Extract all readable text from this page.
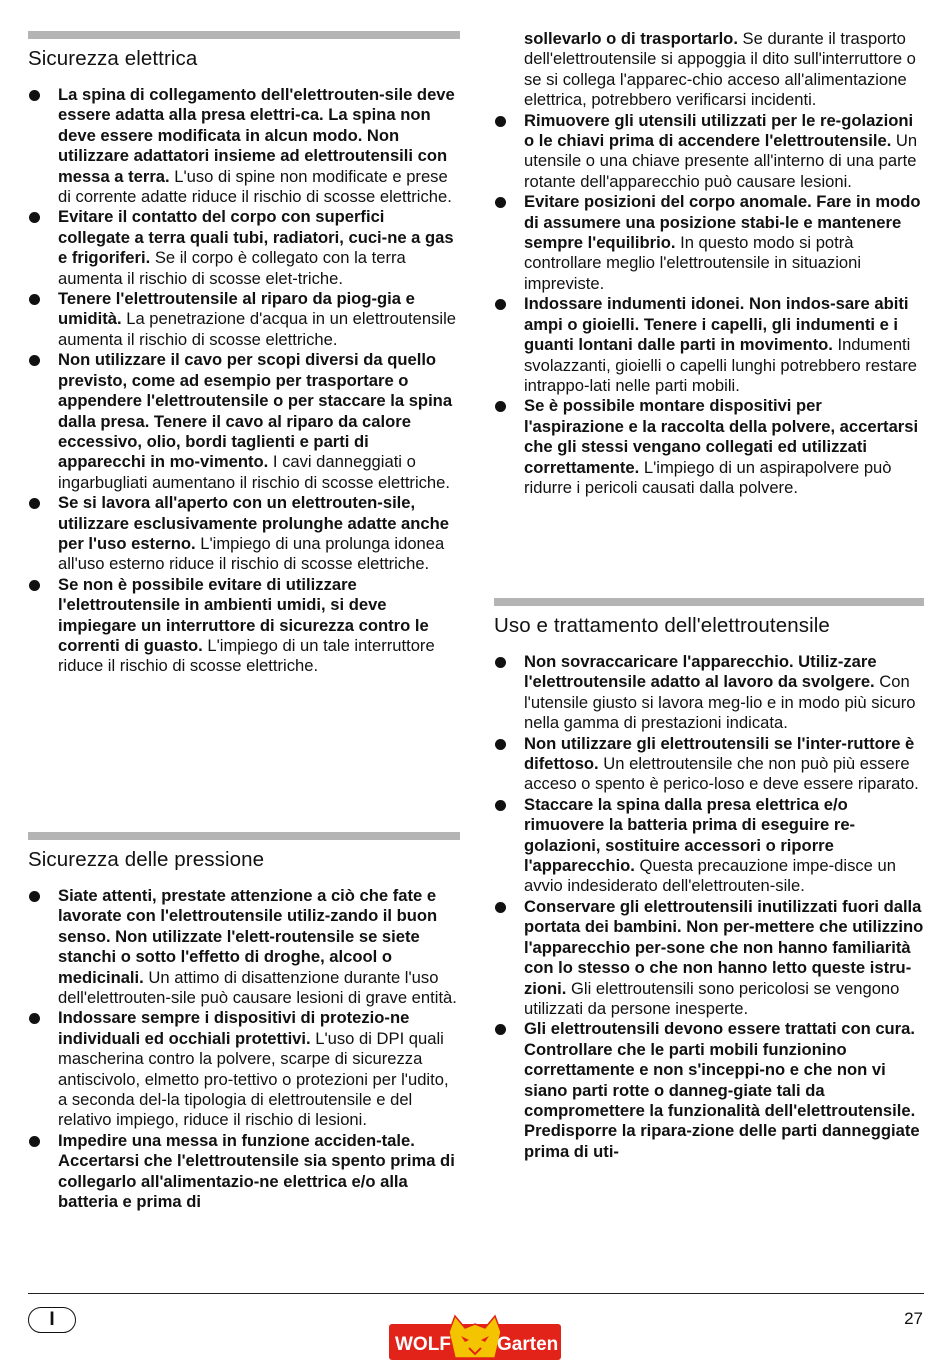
Sicurezza elettrica
La spina di collegamento dell'elettrouten-sile deve essere adatta alla presa elettri-ca. La spina non deve essere modificata in alcun modo. Non utilizzare adattatori insieme ad elettroutensili con messa a terra. L'uso di spine non modificate e prese di corrente adatte riduce il rischio di scosse elettriche.
Evitare il contatto del corpo con superfici collegate a terra quali tubi, radiatori, cuci-ne a gas e frigoriferi. Se il corpo è collegato con la terra aumenta il rischio di scosse elet-triche.
Tenere l'elettroutensile al riparo da piog-gia e umidità. La penetrazione d'acqua in un elettroutensile aumenta il rischio di scosse elettriche.
Non utilizzare il cavo per scopi diversi da quello previsto, come ad esempio per trasportare o appendere l'elettroutensile o per staccare la spina dalla presa. Tenere il cavo al riparo da calore eccessivo, olio, bordi taglienti e parti di apparecchi in mo-vimento. I cavi danneggiati o ingarbugliati aumentano il rischio di scosse elettriche.
Se si lavora all'aperto con un elettrouten-sile, utilizzare esclusivamente prolunghe adatte anche per l'uso esterno. L'impiego di una prolunga idonea all'uso esterno riduce il rischio di scosse elettriche.
Se non è possibile evitare di utilizzare l'elettroutensile in ambienti umidi, si deve impiegare un interruttore di sicurezza contro le correnti di guasto. L'impiego di un tale interruttore riduce il rischio di scosse elettriche.
Sicurezza delle pressione
Siate attenti, prestate attenzione a ciò che fate e lavorate con l'elettroutensile utiliz-zando il buon senso. Non utilizzate l'elett-routensile se siete stanchi o sotto l'effetto di droghe, alcool o medicinali. Un attimo di disattenzione durante l'uso dell'elettrouten-sile può causare lesioni di grave entità.
Indossare sempre i dispositivi di protezio-ne individuali ed occhiali protettivi. L'uso di DPI quali mascherina contro la polvere, scarpe di sicurezza antiscivolo, elmetto pro-tettivo o protezioni per l'udito, a seconda del-la tipologia di elettroutensile e del relativo impiego, riduce il rischio di lesioni.
Impedire una messa in funzione acciden-tale. Accertarsi che l'elettroutensile sia spento prima di collegarlo all'alimentazio-ne elettrica e/o alla batteria e prima di
sollevarlo o di trasportarlo. Se durante il trasporto dell'elettroutensile si appoggia il dito sull'interruttore o se si collega l'apparec-chio acceso all'alimentazione elettrica, potrebbero verificarsi incidenti.
Rimuovere gli utensili utilizzati per le re-golazioni o le chiavi prima di accendere l'elettroutensile. Un utensile o una chiave presente all'interno di una parte rotante dell'apparecchio può causare lesioni.
Evitare posizioni del corpo anomale. Fare in modo di assumere una posizione stabi-le e mantenere sempre l'equilibrio. In questo modo si potrà controllare meglio l'elettroutensile in situazioni impreviste.
Indossare indumenti idonei. Non indos-sare abiti ampi o gioielli. Tenere i capelli, gli indumenti e i guanti lontani dalle parti in movimento. Indumenti svolazzanti, gioielli o capelli lunghi potrebbero restare intrappo-lati nelle parti mobili.
Se è possibile montare dispositivi per l'aspirazione e la raccolta della polvere, accertarsi che gli stessi vengano collegati ed utilizzati correttamente. L'impiego di un aspirapolvere può ridurre i pericoli causati dalla polvere.
Uso e trattamento dell'elettroutensile
Non sovraccaricare l'apparecchio. Utiliz-zare l'elettroutensile adatto al lavoro da svolgere. Con l'utensile giusto si lavora meg-lio e in modo più sicuro nella gamma di prestazioni indicata.
Non utilizzare gli elettroutensili se l'inter-ruttore è difettoso. Un elettroutensile che non può più essere acceso o spento è perico-loso e deve essere riparato.
Staccare la spina dalla presa elettrica e/o rimuovere la batteria prima di eseguire re-golazioni, sostituire accessori o riporre l'apparecchio. Questa precauzione impe-disce un avvio indesiderato dell'elettrouten-sile.
Conservare gli elettroutensili inutilizzati fuori dalla portata dei bambini. Non per-mettere che utilizzino l'apparecchio per-sone che non hanno familiarità con lo stesso o che non hanno letto queste istru-zioni. Gli elettroutensili sono pericolosi se vengono utilizzati da persone inesperte.
Gli elettroutensili devono essere trattati con cura. Controllare che le parti mobili funzionino correttamente e non s'inceppi-no e che non vi siano parti rotte o danneg-giate tali da compromettere la funzionalità dell'elettroutensile. Predisporre la ripara-zione delle parti danneggiate prima di uti-
I	27
WOLF Garten
